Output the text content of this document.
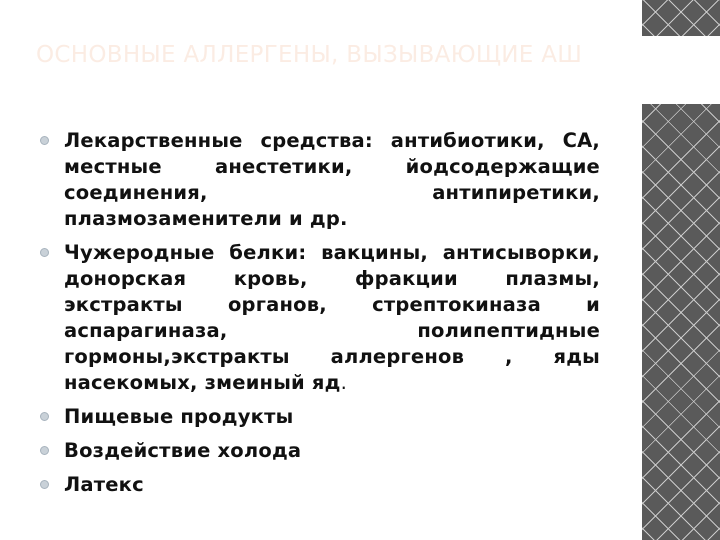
ОСНОВНЫЕ АЛЛЕРГЕНЫ, ВЫЗЫВАЮЩИЕ АШ
Лекарственные средства: антибиотики, СА, местные анестетики, йодсодержащие соединения, антипиретики, плазмозаменители и др.
Чужеродные белки: вакцины, антисыворки, донорская кровь, фракции плазмы, экстракты органов, стрептокиназа и аспарагиназа, полипептидные гормоны,экстракты аллергенов , яды насекомых, змеиный яд.
Пищевые продукты
Воздействие холода
Латекс
